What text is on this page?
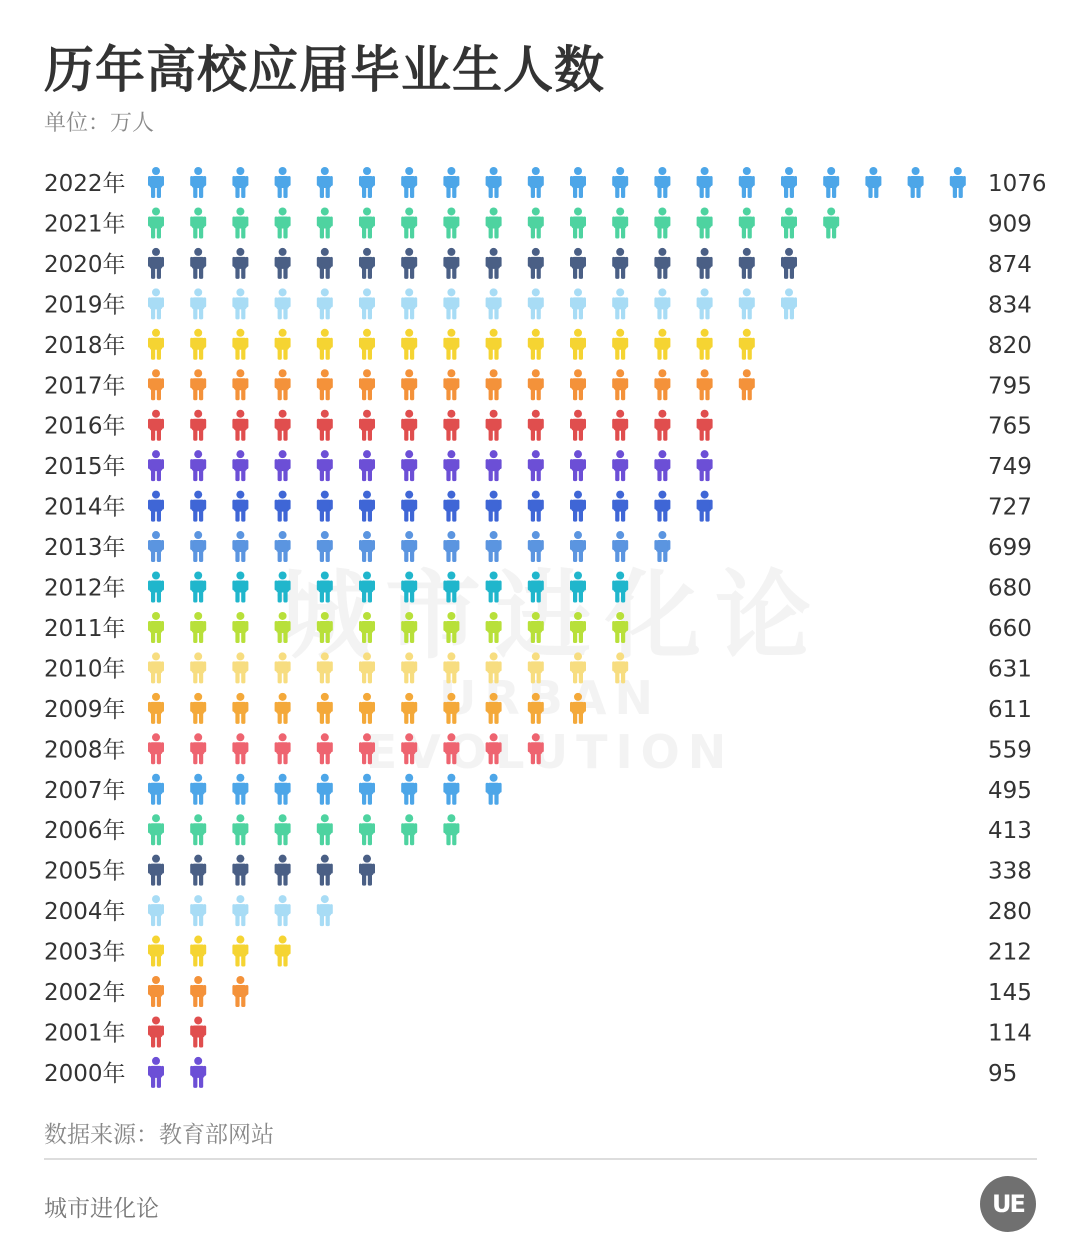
历年高校应届毕业生人数
单位：万人
城市进化论
URBAN EVOLUTION
2022年	1076
2021年	909
2020年	874
2019年	834
2018年	820
2017年	795
2016年	765
2015年	749
2014年	727
2013年	699
2012年	680
2011年	660
2010年	631
2009年	611
2008年	559
2007年	495
2006年	413
2005年	338
2004年	280
2003年	212
2002年	145
2001年	114
2000年	95
数据来源：教育部网站
城市进化论	UE
